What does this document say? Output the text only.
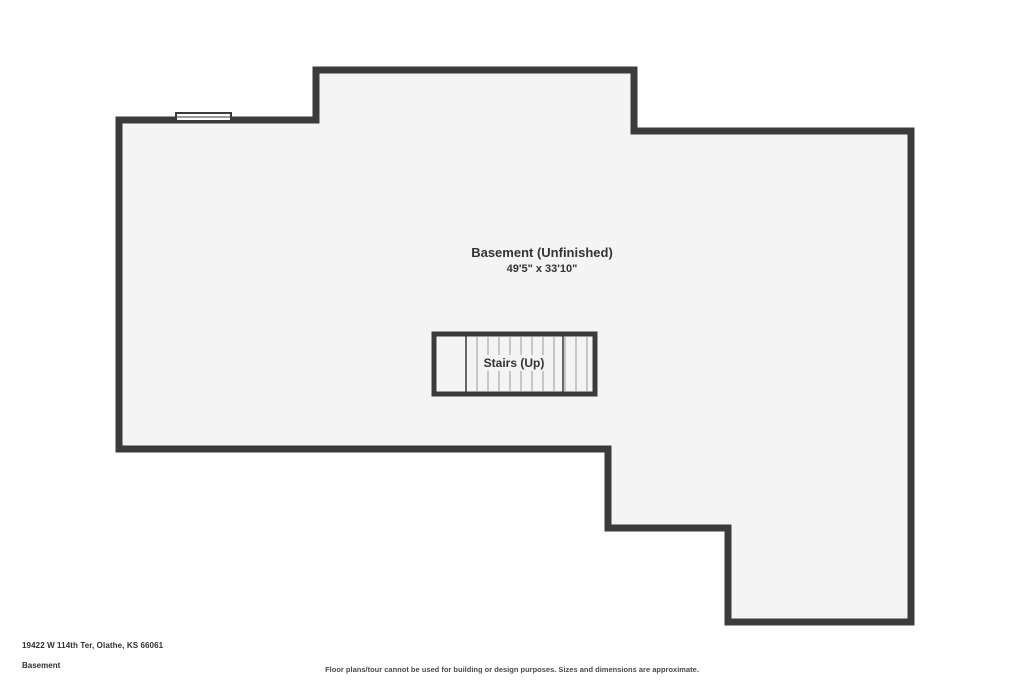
Basement (Unfinished)
49'5" x 33'10"
Stairs (Up)
19422 W 114th Ter, Olathe, KS 66061
Basement	Floor plans/tour cannot be used for building or design purposes. Sizes and dimensions are approximate.
